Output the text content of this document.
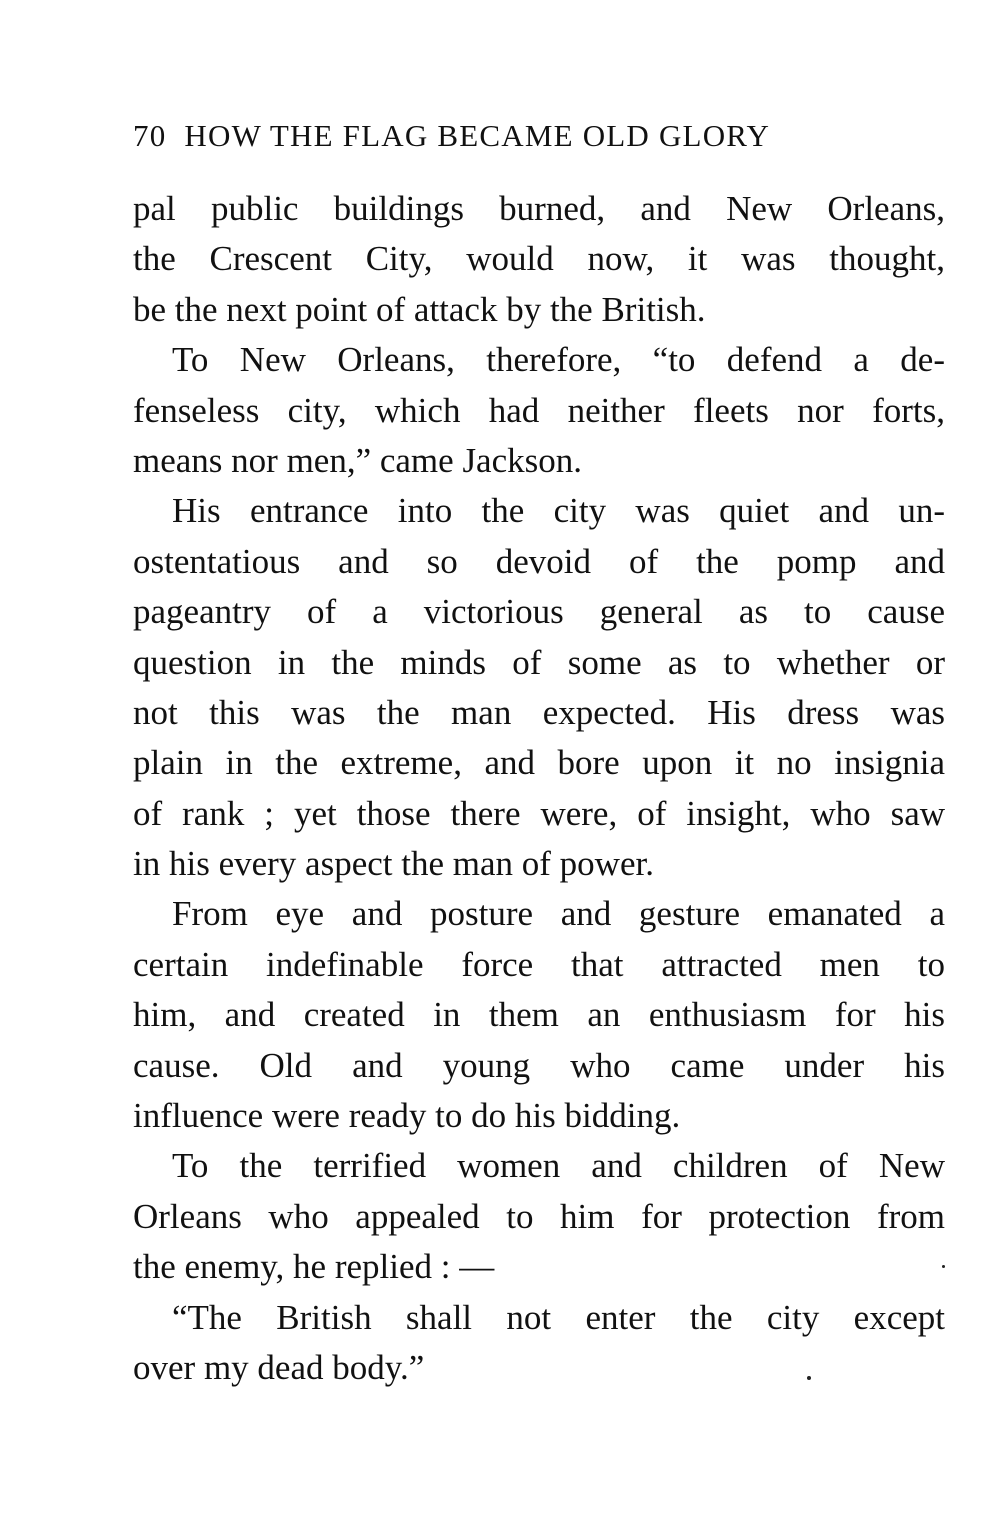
70 HOW THE FLAG BECAME OLD GLORY
pal public buildings burned, and New Orleans,
the Crescent City, would now, it was thought,
be the next point of attack by the British.
To New Orleans, therefore, “to defend a de-
fenseless city, which had neither fleets nor forts,
means nor men,” came Jackson.
His entrance into the city was quiet and un-
ostentatious and so devoid of the pomp and
pageantry of a victorious general as to cause
question in the minds of some as to whether or
not this was the man expected. His dress was
plain in the extreme, and bore upon it no insignia
of rank ; yet those there were, of insight, who saw
in his every aspect the man of power.
From eye and posture and gesture emanated a
certain indefinable force that attracted men to
him, and created in them an enthusiasm for his
cause. Old and young who came under his
influence were ready to do his bidding.
To the terrified women and children of New
Orleans who appealed to him for protection from
the enemy, he replied : —
“The British shall not enter the city except
over my dead body.”
